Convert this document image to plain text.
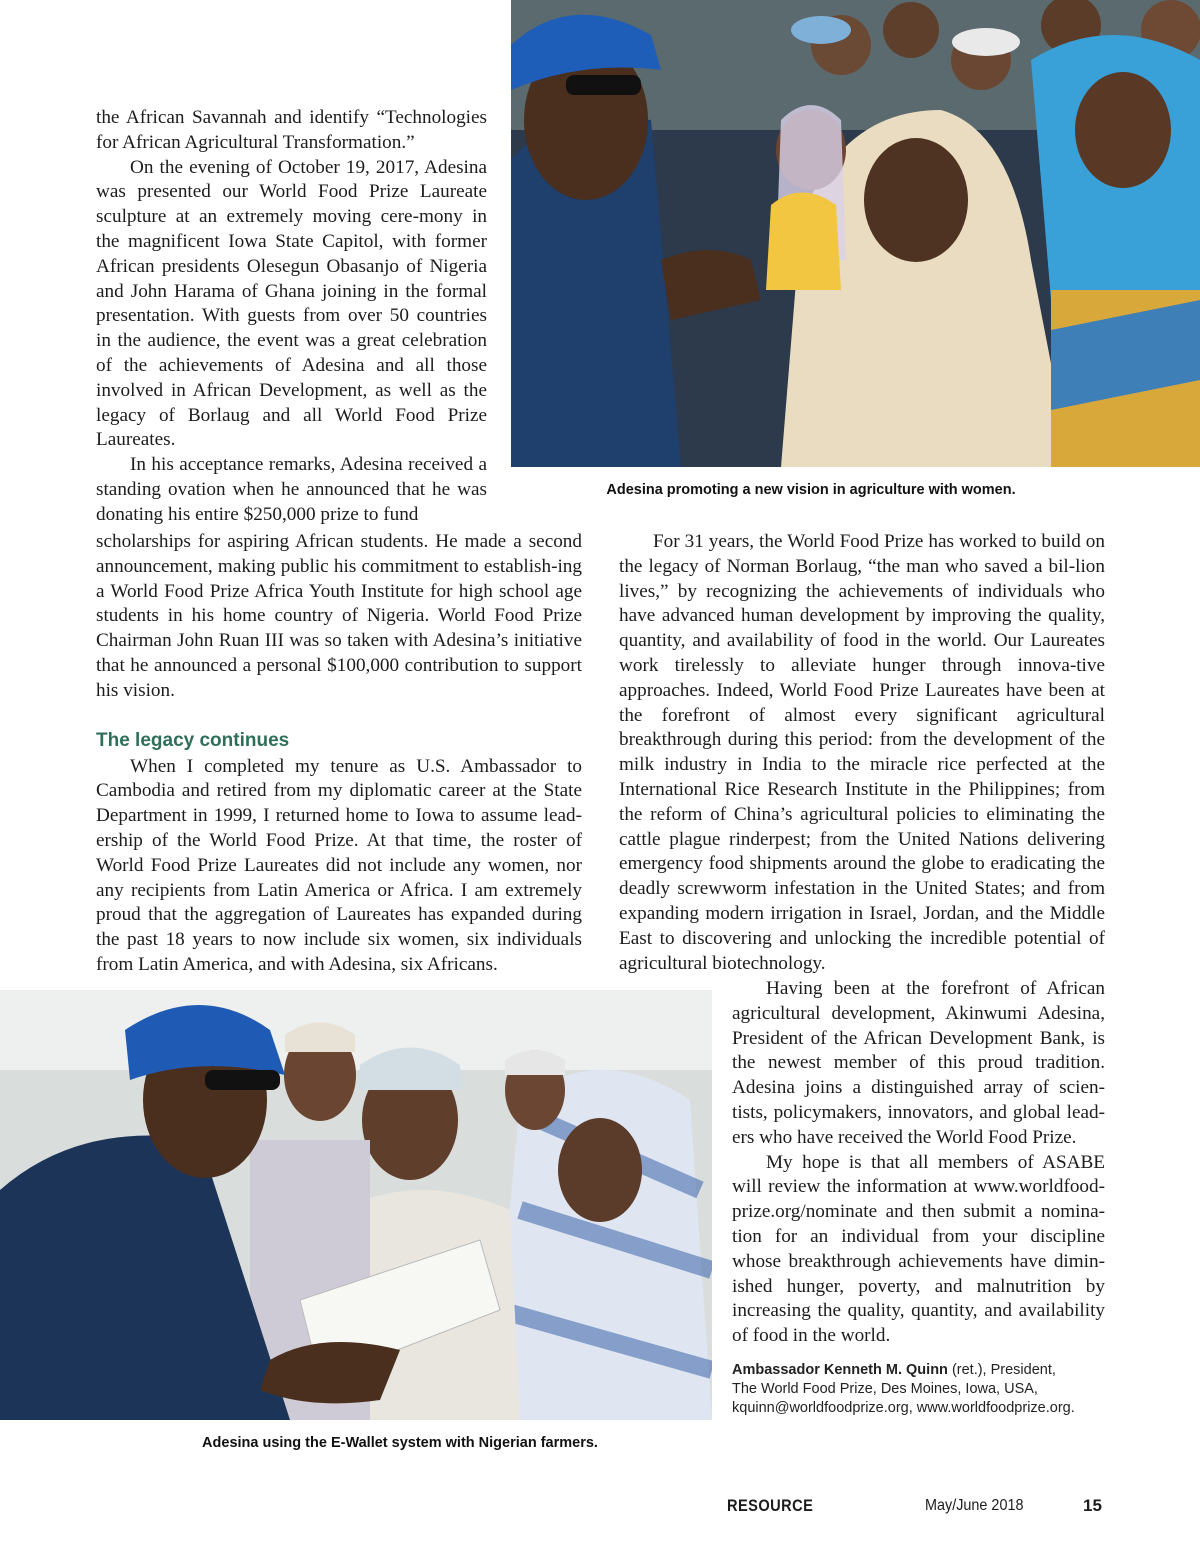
the African Savannah and identify “Technologies for African Agricultural Transformation.”

On the evening of October 19, 2017, Adesina was presented our World Food Prize Laureate sculpture at an extremely moving cere-mony in the magnificent Iowa State Capitol, with former African presidents Olesegun Obasanjo of Nigeria and John Harama of Ghana joining in the formal presentation. With guests from over 50 countries in the audience, the event was a great celebration of the achievements of Adesina and all those involved in African Development, as well as the legacy of Borlaug and all World Food Prize Laureates.

In his acceptance remarks, Adesina received a standing ovation when he announced that he was donating his entire $250,000 prize to fund

Adesina promoting a new vision in agriculture with women.

scholarships for aspiring African students. He made a second announcement, making public his commitment to establish-ing a World Food Prize Africa Youth Institute for high school age students in his home country of Nigeria. World Food Prize Chairman John Ruan III was so taken with Adesina’s initiative that he announced a personal $100,000 contribution to support his vision.

The legacy continues

When I completed my tenure as U.S. Ambassador to Cambodia and retired from my diplomatic career at the State Department in 1999, I returned home to Iowa to assume lead-ership of the World Food Prize. At that time, the roster of World Food Prize Laureates did not include any women, nor any recipients from Latin America or Africa. I am extremely proud that the aggregation of Laureates has expanded during the past 18 years to now include six women, six individuals from Latin America, and with Adesina, six Africans.

For 31 years, the World Food Prize has worked to build on the legacy of Norman Borlaug, “the man who saved a bil-lion lives,” by recognizing the achievements of individuals who have advanced human development by improving the quality, quantity, and availability of food in the world. Our Laureates work tirelessly to alleviate hunger through innova-tive approaches. Indeed, World Food Prize Laureates have been at the forefront of almost every significant agricultural breakthrough during this period: from the development of the milk industry in India to the miracle rice perfected at the International Rice Research Institute in the Philippines; from the reform of China’s agricultural policies to eliminating the cattle plague rinderpest; from the United Nations delivering emergency food shipments around the globe to eradicating the deadly screwworm infestation in the United States; and from expanding modern irrigation in Israel, Jordan, and the Middle East to discovering and unlocking the incredible potential of agricultural biotechnology.

Adesina using the E-Wallet system with Nigerian farmers.

Having been at the forefront of African agricultural development, Akinwumi Adesina, President of the African Development Bank, is the newest member of this proud tradition. Adesina joins a distinguished array of scien-tists, policymakers, innovators, and global lead-ers who have received the World Food Prize.

My hope is that all members of ASABE will review the information at www.worldfood-prize.org/nominate and then submit a nomina-tion for an individual from your discipline whose breakthrough achievements have dimin-ished hunger, poverty, and malnutrition by increasing the quality, quantity, and availability of food in the world.

Ambassador Kenneth M. Quinn (ret.), President,
The World Food Prize, Des Moines, Iowa, USA,
kquinn@worldfoodprize.org, www.worldfoodprize.org.
RESOURCE	May/June 2018	15
